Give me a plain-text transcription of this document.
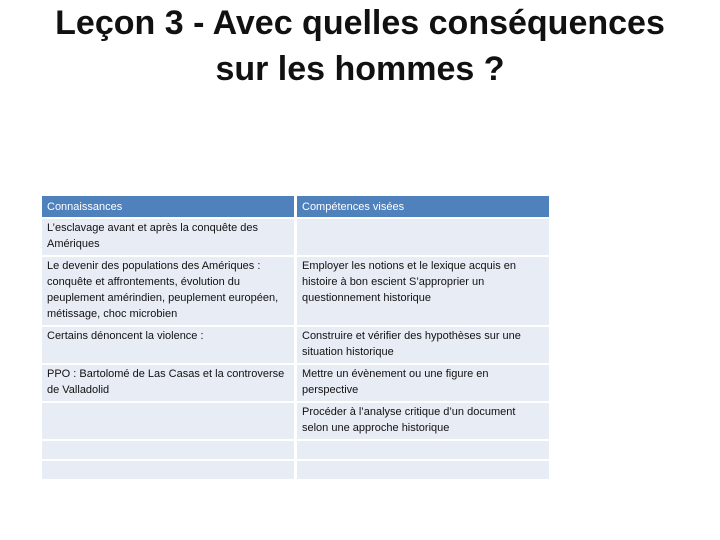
Leçon 3 - Avec quelles conséquences
sur les hommes ?
Connaissances	Compétences visées
L’esclavage avant et après la conquête des Amériques	
Le devenir des populations des Amériques : conquête et affrontements, évolution du peuplement amérindien, peuplement européen, métissage, choc microbien	Employer les notions et le lexique acquis en histoire à bon escient S’approprier un questionnement historique
Certains dénoncent la violence :	Construire et vérifier des hypothèses sur une situation historique
PPO : Bartolomé de Las Casas et la controverse de Valladolid	Mettre un évènement ou une figure en perspective
	Procéder à l’analyse critique d’un document selon une approche historique
